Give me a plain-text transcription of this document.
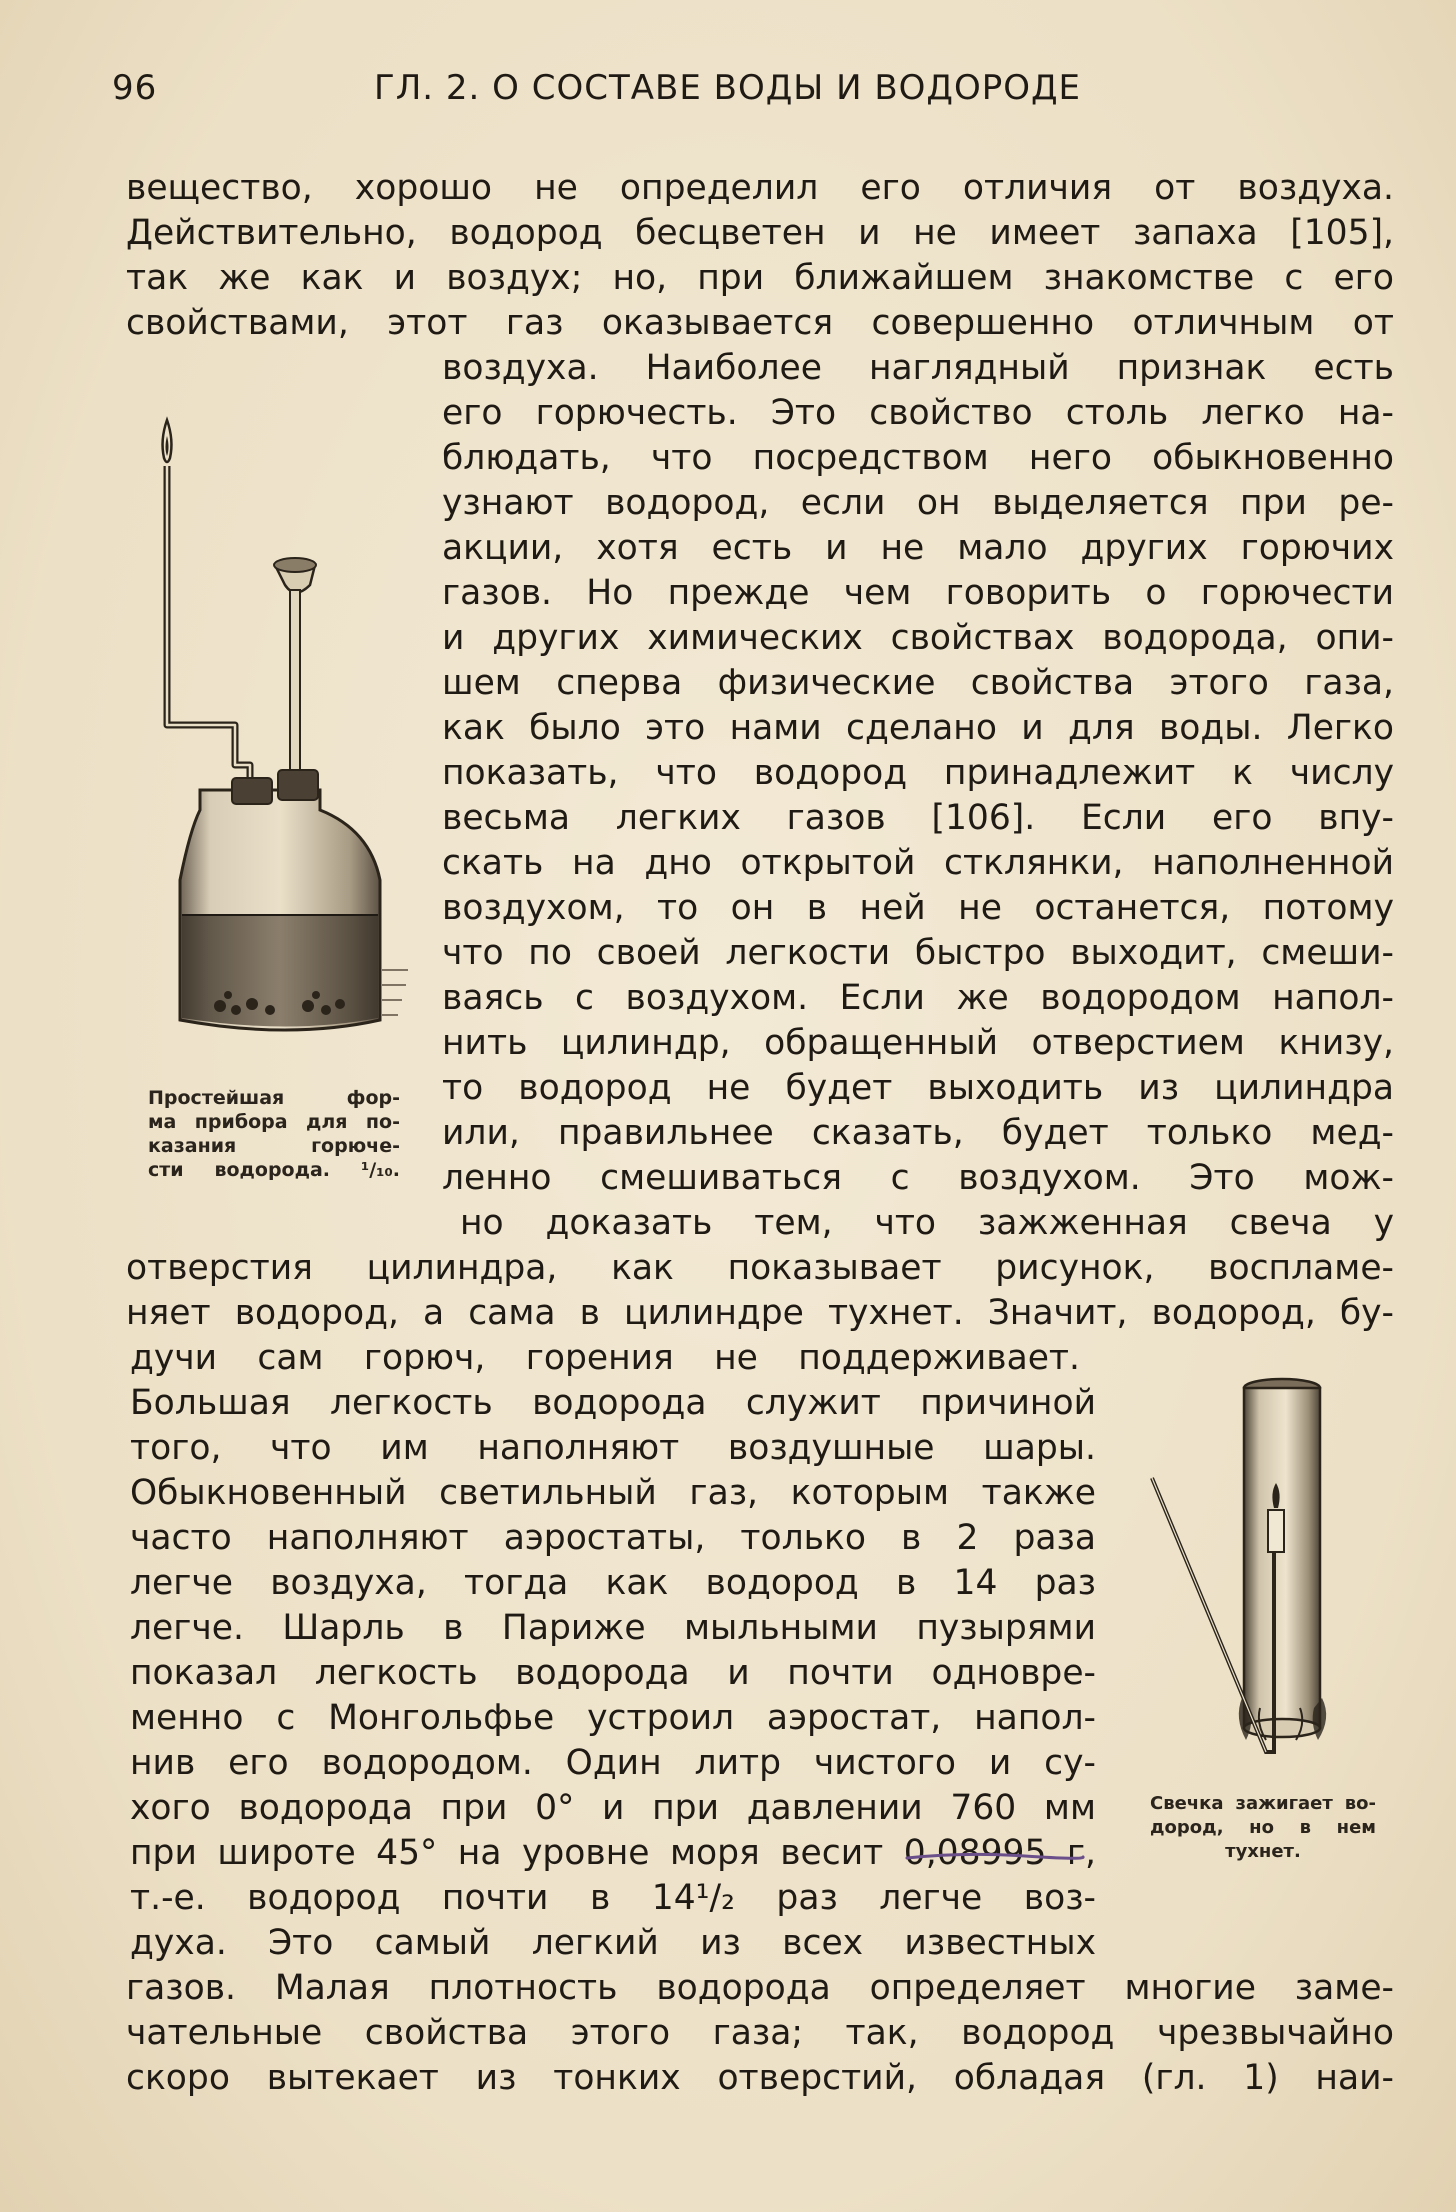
96	ГЛ. 2. О СОСТАВЕ ВОДЫ И ВОДОРОДЕ
вещество, хорошо не определил его отличия от воздуха.
Действительно, водород бесцветен и не имеет запаха [105],
так же как и воздух; но, при ближайшем знакомстве с его
свойствами, этот газ оказывается совершенно отличным от
воздуха. Наиболее наглядный признак есть
его горючесть. Это свойство столь легко на-
блюдать, что посредством него обыкновенно
узнают водород, если он выделяется при ре-
акции, хотя есть и не мало других горючих
газов. Но прежде чем говорить о горючести
и других химических свойствах водорода, опи-
шем сперва физические свойства этого газа,
как было это нами сделано и для воды. Легко
показать, что водород принадлежит к числу
весьма легких газов [106]. Если его впу-
скать на дно открытой стклянки, наполненной
воздухом, то он в ней не останется, потому
что по своей легкости быстро выходит, смеши-
ваясь с воздухом. Если же водородом напол-
нить цилиндр, обращенный отверстием книзу,
то водород не будет выходить из цилиндра
или, правильнее сказать, будет только мед-
ленно смешиваться с воздухом. Это мож-
но доказать тем, что зажженная свеча у
отверстия цилиндра, как показывает рисунок, воспламе-
няет водород, а сама в цилиндре тухнет. Значит, водород, бу-
дучи сам горюч, горения не поддерживает.
Большая легкость водорода служит причиной
того, что им наполняют воздушные шары.
Обыкновенный светильный газ, которым также
часто наполняют аэростаты, только в 2 раза
легче воздуха, тогда как водород в 14 раз
легче. Шарль в Париже мыльными пузырями
показал легкость водорода и почти одновре-
менно с Монгольфье устроил аэростат, напол-
нив его водородом. Один литр чистого и су-
хого водорода при 0° и при давлении 760 мм
при широте 45° на уровне моря весит 0,08995 г,
т.-е. водород почти в 14¹/₂ раз легче воз-
духа. Это самый легкий из всех известных
газов. Малая плотность водорода определяет многие заме-
чательные свойства этого газа; так, водород чрезвычайно
скоро вытекает из тонких отверстий, обладая (гл. 1) наи-
Простейшая фор-
ма прибора для по-
казания горюче-
сти водорода. ¹/₁₀.
Свечка зажигает во-
дород, но в нем
тухнет.
